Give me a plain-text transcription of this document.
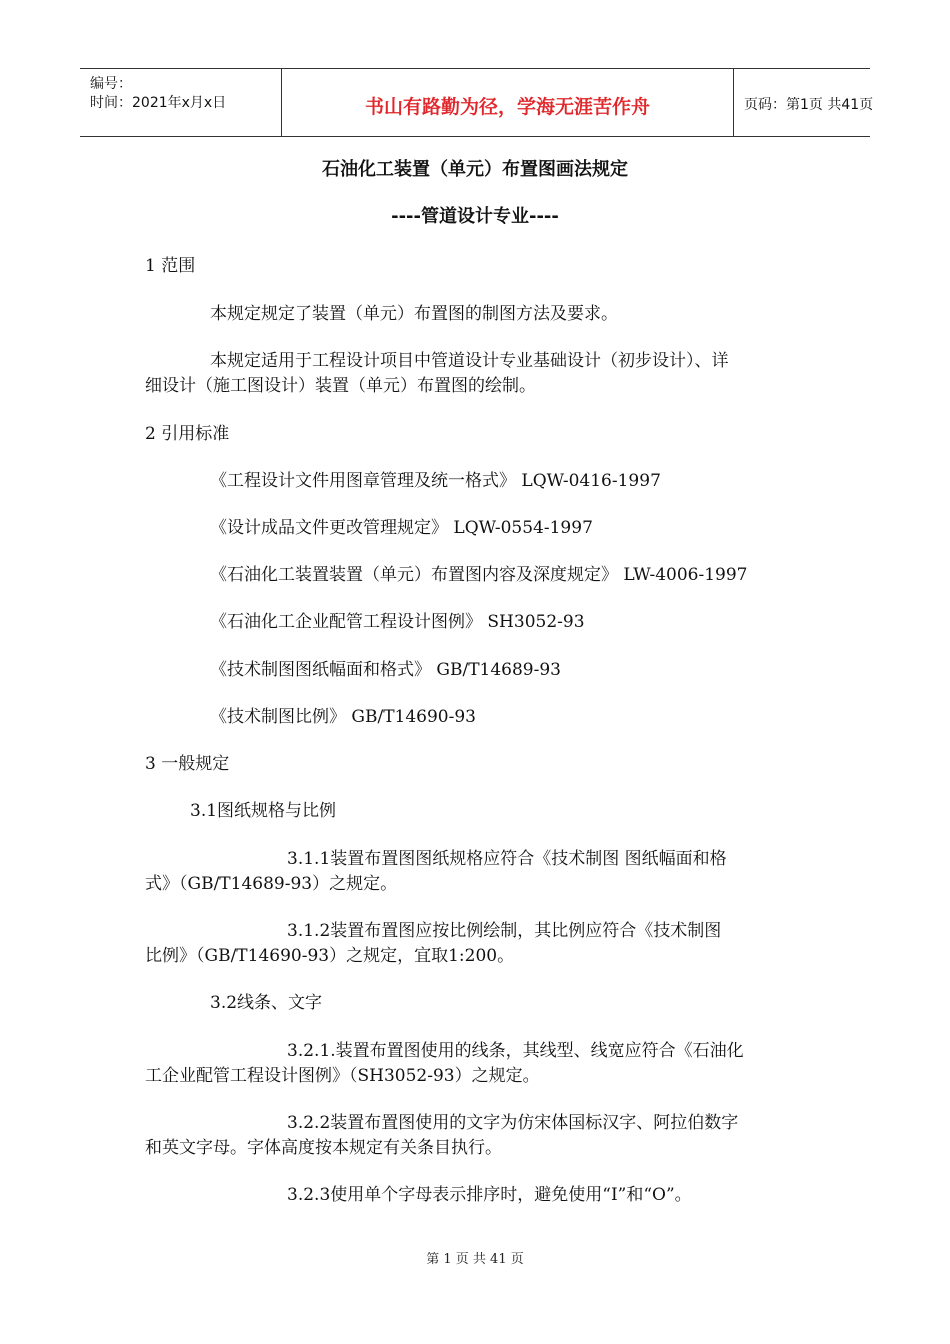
编号：
时间：2021年x月x日	书山有路勤为径，学海无涯苦作舟	页码：第1页 共41页
石油化工装置（单元）布置图画法规定
----管道设计专业----
1 范围
本规定规定了装置（单元）布置图的制图方法及要求。
本规定适用于工程设计项目中管道设计专业基础设计（初步设计）、详
细设计（施工图设计）装置（单元）布置图的绘制。
2 引用标准
《工程设计文件用图章管理及统一格式》 LQW-0416-1997
《设计成品文件更改管理规定》 LQW-0554-1997
《石油化工装置装置（单元）布置图内容及深度规定》 LW-4006-1997
《石油化工企业配管工程设计图例》 SH3052-93
《技术制图图纸幅面和格式》 GB/T14689-93
《技术制图比例》 GB/T14690-93
3 一般规定
3.1图纸规格与比例
3.1.1装置布置图图纸规格应符合《技术制图 图纸幅面和格
式》（GB/T14689-93）之规定。
3.1.2装置布置图应按比例绘制，其比例应符合《技术制图
比例》（GB/T14690-93）之规定，宜取1:200。
3.2线条、文字
3.2.1.装置布置图使用的线条，其线型、线宽应符合《石油化
工企业配管工程设计图例》（SH3052-93）之规定。
3.2.2装置布置图使用的文字为仿宋体国标汉字、阿拉伯数字
和英文字母。字体高度按本规定有关条目执行。
3.2.3使用单个字母表示排序时，避免使用“I”和“O”。
第 1 页 共 41 页
